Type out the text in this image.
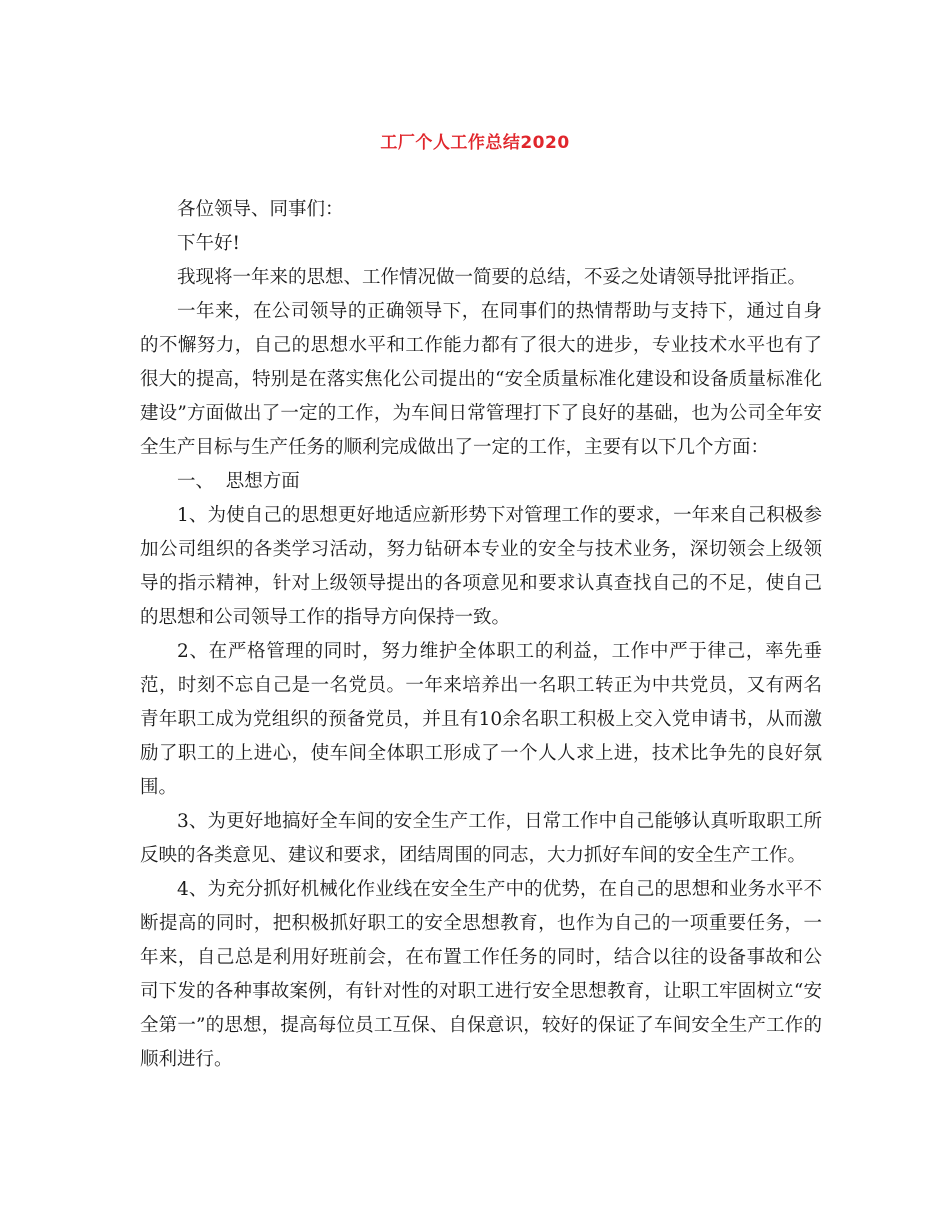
工厂个人工作总结2020

各位领导、同事们：

下午好!

我现将一年来的思想、工作情况做一简要的总结，不妥之处请领导批评指正。

一年来，在公司领导的正确领导下，在同事们的热情帮助与支持下，通过自身的不懈努力，自己的思想水平和工作能力都有了很大的进步，专业技术水平也有了很大的提高，特别是在落实焦化公司提出的“安全质量标准化建设和设备质量标准化建设”方面做出了一定的工作，为车间日常管理打下了良好的基础，也为公司全年安全生产目标与生产任务的顺利完成做出了一定的工作，主要有以下几个方面：

一、  思想方面

1、为使自己的思想更好地适应新形势下对管理工作的要求，一年来自己积极参加公司组织的各类学习活动，努力钻研本专业的安全与技术业务，深切领会上级领导的指示精神，针对上级领导提出的各项意见和要求认真查找自己的不足，使自己的思想和公司领导工作的指导方向保持一致。

2、在严格管理的同时，努力维护全体职工的利益，工作中严于律己，率先垂范，时刻不忘自己是一名党员。一年来培养出一名职工转正为中共党员，又有两名青年职工成为党组织的预备党员，并且有10余名职工积极上交入党申请书，从而激励了职工的上进心，使车间全体职工形成了一个人人求上进，技术比争先的良好氛围。

3、为更好地搞好全车间的安全生产工作，日常工作中自己能够认真听取职工所反映的各类意见、建议和要求，团结周围的同志，大力抓好车间的安全生产工作。

4、为充分抓好机械化作业线在安全生产中的优势，在自己的思想和业务水平不断提高的同时，把积极抓好职工的安全思想教育，也作为自己的一项重要任务，一年来，自己总是利用好班前会，在布置工作任务的同时，结合以往的设备事故和公司下发的各种事故案例，有针对性的对职工进行安全思想教育，让职工牢固树立“安全第一”的思想，提高每位员工互保、自保意识，较好的保证了车间安全生产工作的顺利进行。
